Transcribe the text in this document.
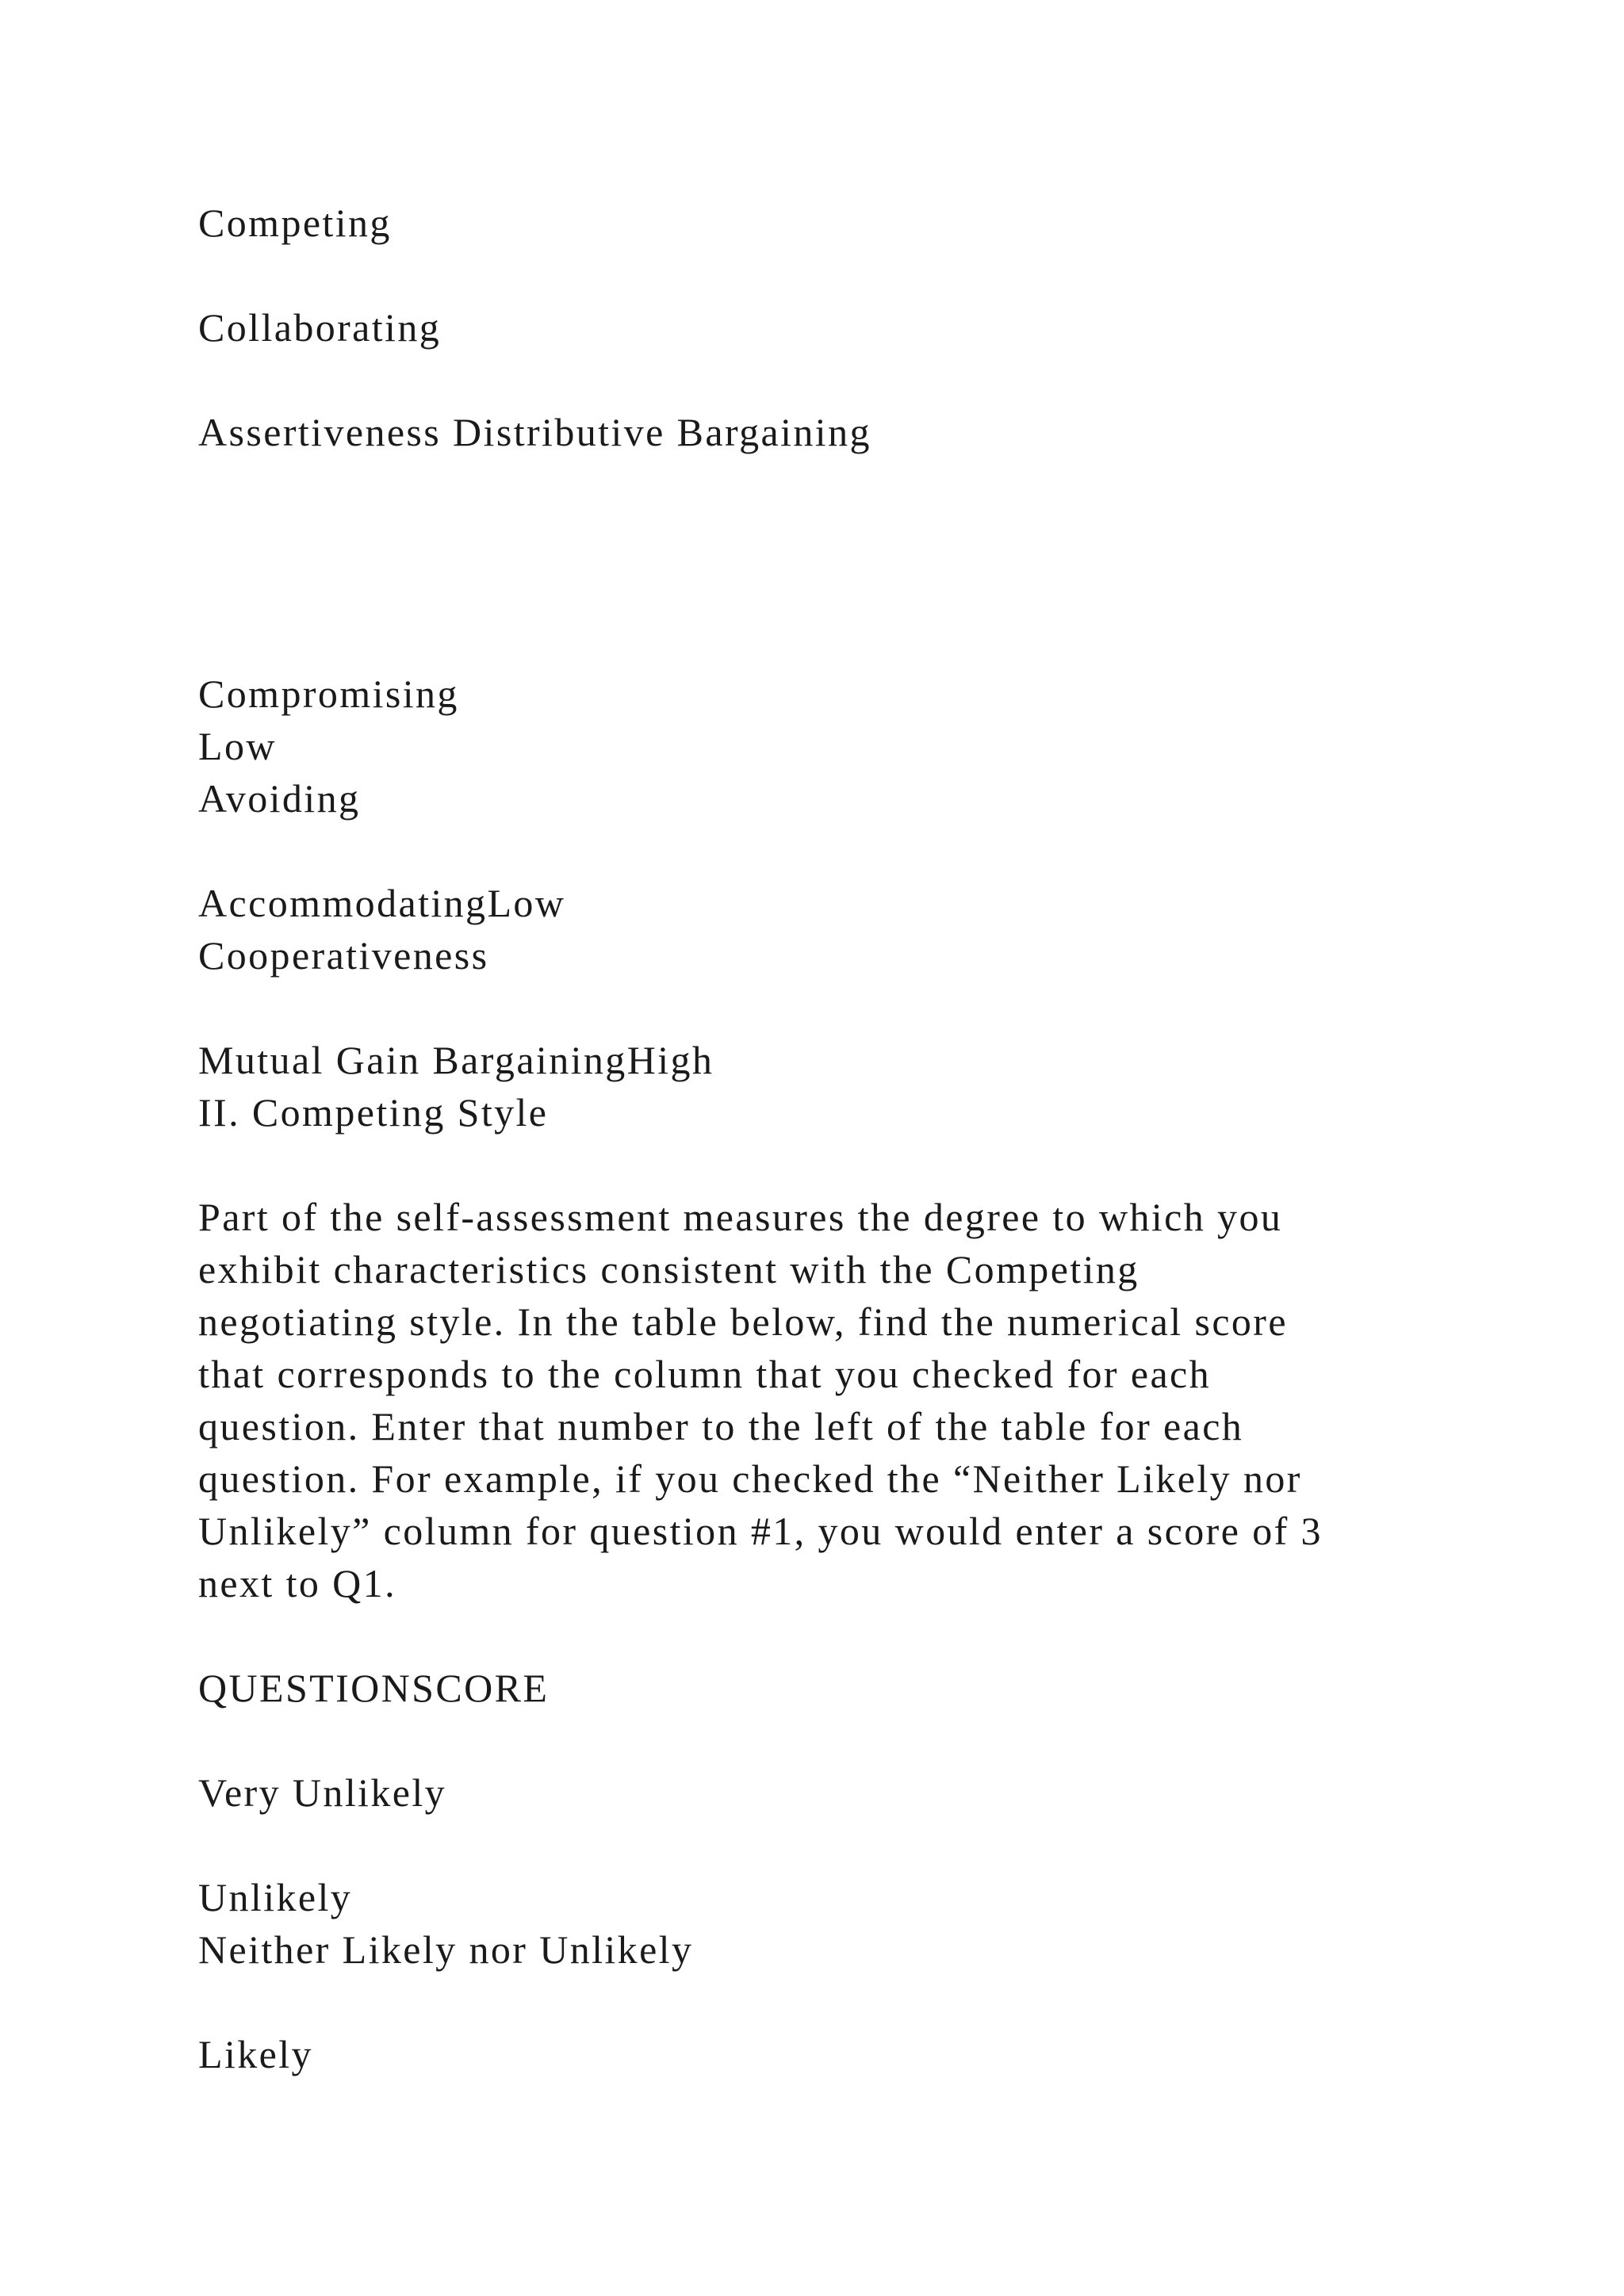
Competing

Collaborating

Assertiveness Distributive Bargaining

Compromising

Low

Avoiding

AccommodatingLow

Cooperativeness

Mutual Gain BargainingHigh

II. Competing Style

Part of the self-assessment measures the degree to which you

exhibit characteristics consistent with the Competing

negotiating style. In the table below, find the numerical score

that corresponds to the column that you checked for each

question. Enter that number to the left of the table for each

question. For example, if you checked the “Neither Likely nor

Unlikely” column for question #1, you would enter a score of 3

next to Q1.

QUESTIONSCORE

Very Unlikely

Unlikely

Neither Likely nor Unlikely

Likely
